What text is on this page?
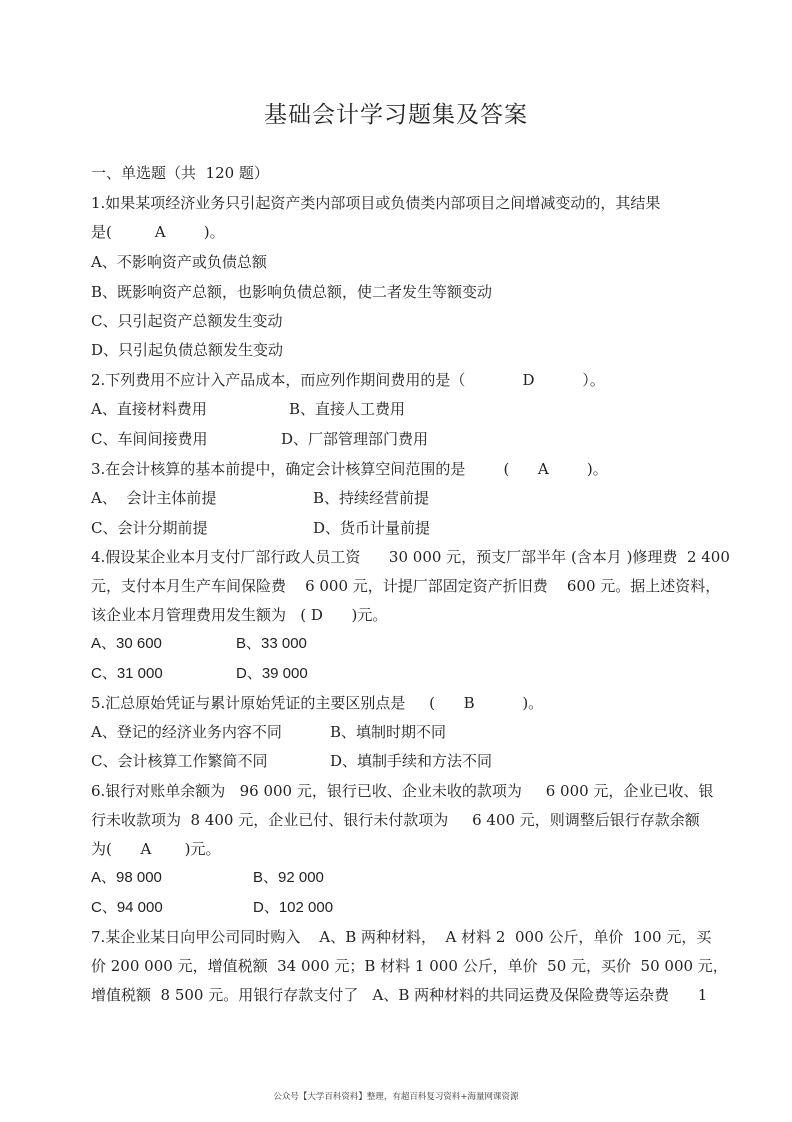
基础会计学习题集及答案
一、单选题（共  120 题）
1.如果某项经济业务只引起资产类内部项目或负债类内部项目之间增减变动的，其结果
是(         A        )。
A、不影响资产或负债总额
B、既影响资产总额，也影响负债总额，使二者发生等额变动
C、只引起资产总额发生变动
D、只引起负债总额发生变动
2.下列费用不应计入产品成本，而应列作期间费用的是（            D          ）。
A、直接材料费用	B、直接人工费用
C、车间间接费用	D、厂部管理部门费用
3.在会计核算的基本前提中，确定会计核算空间范围的是        (      A        )。
A、  会计主体前提	B、持续经营前提
C、会计分期前提	D、货币计量前提
4.假设某企业本月支付厂部行政人员工资      30 000 元，预支厂部半年 (含本月 )修理费  2 400
元，支付本月生产车间保险费    6 000 元，计提厂部固定资产折旧费    600 元。据上述资料，
该企业本月管理费用发生额为   ( D      )元。
A、30 600	B、33 000
C、31 000	D、39 000
5.汇总原始凭证与累计原始凭证的主要区别点是     (      B          )。
A、登记的经济业务内容不同	B、填制时期不同
C、会计核算工作繁简不同	D、填制手续和方法不同
6.银行对账单余额为   96 000 元，银行已收、企业未收的款项为     6 000 元，企业已收、银
行未收款项为  8 400 元，企业已付、银行未付款项为     6 400 元，则调整后银行存款余额
为(      A       )元。
A、98 000	B、92 000
C、94 000	D、102 000
7.某企业某日向甲公司同时购入    A、B 两种材料，  A 材料 2  000 公斤，单价  100 元，买
价 200 000 元，增值税额  34 000 元；B 材料 1 000 公斤，单价  50 元，买价  50 000 元，
增值税额  8 500 元。用银行存款支付了   A、B 两种材料的共同运费及保险费等运杂费      1
公众号【大学百科资料】整理，有超百科复习资料+海量网课资源
